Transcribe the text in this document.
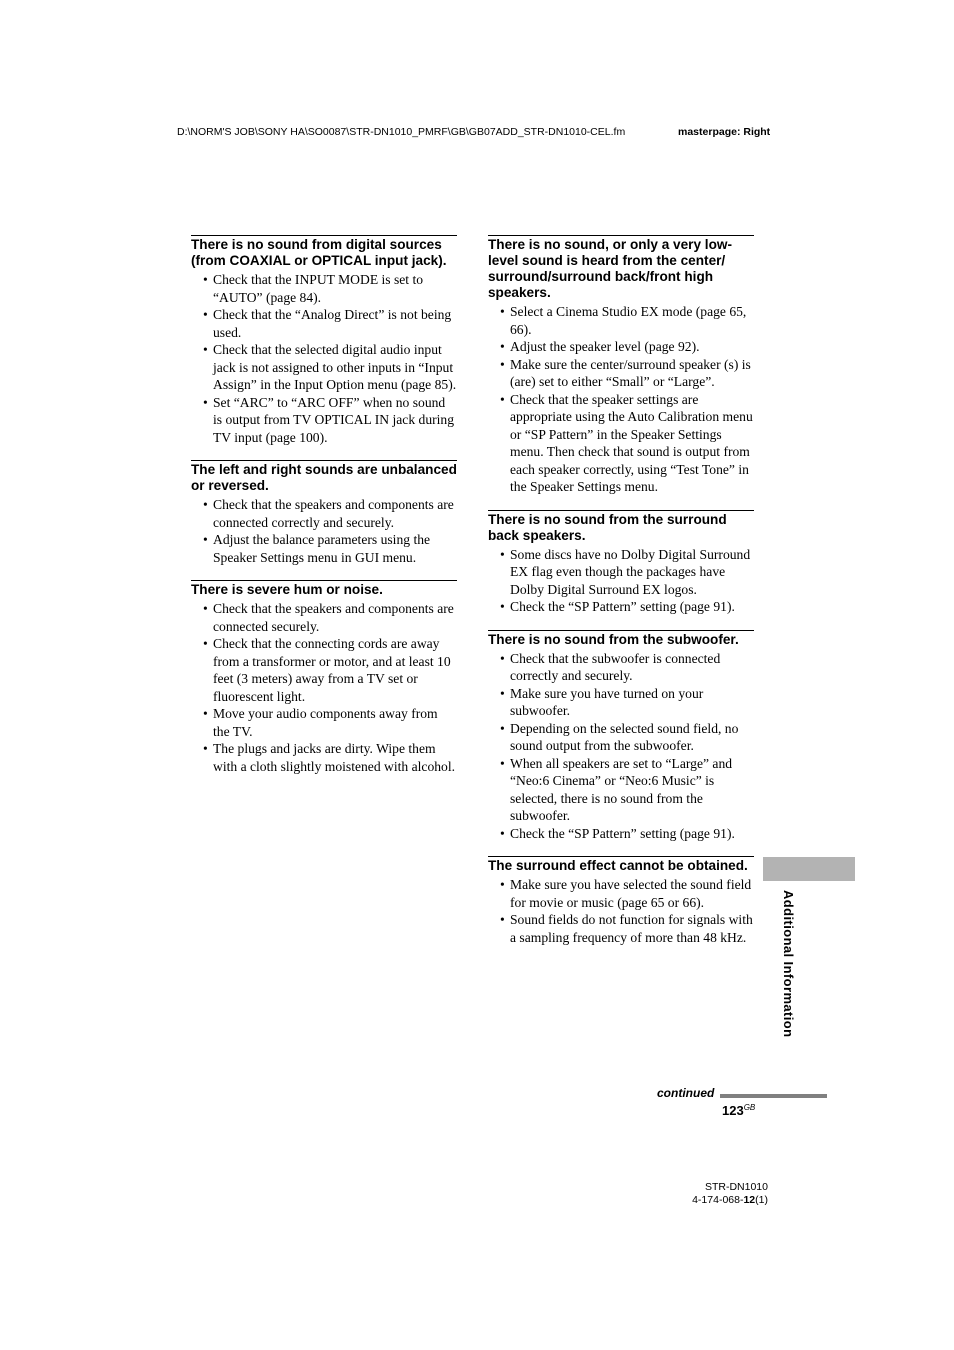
D:\NORM'S JOB\SONY HA\SO0087\STR-DN1010_PMRF\GB\GB07ADD_STR-DN1010-CEL.fm	masterpage: Right
There is no sound from digital sources (from COAXIAL or OPTICAL input jack).
• Check that the INPUT MODE is set to “AUTO” (page 84).
• Check that the “Analog Direct” is not being used.
• Check that the selected digital audio input jack is not assigned to other inputs in “Input Assign” in the Input Option menu (page 85).
• Set “ARC” to “ARC OFF” when no sound is output from TV OPTICAL IN jack during TV input (page 100).
The left and right sounds are unbalanced or reversed.
• Check that the speakers and components are connected correctly and securely.
• Adjust the balance parameters using the Speaker Settings menu in GUI menu.
There is severe hum or noise.
• Check that the speakers and components are connected securely.
• Check that the connecting cords are away from a transformer or motor, and at least 10 feet (3 meters) away from a TV set or fluorescent light.
• Move your audio components away from the TV.
• The plugs and jacks are dirty. Wipe them with a cloth slightly moistened with alcohol.
There is no sound, or only a very low-level sound is heard from the center/ surround/surround back/front high speakers.
• Select a Cinema Studio EX mode (page 65, 66).
• Adjust the speaker level (page 92).
• Make sure the center/surround speaker (s) is (are) set to either “Small” or “Large”.
• Check that the speaker settings are appropriate using the Auto Calibration menu or “SP Pattern” in the Speaker Settings menu. Then check that sound is output from each speaker correctly, using “Test Tone” in the Speaker Settings menu.
There is no sound from the surround back speakers.
• Some discs have no Dolby Digital Surround EX flag even though the packages have Dolby Digital Surround EX logos.
• Check the “SP Pattern” setting (page 91).
There is no sound from the subwoofer.
• Check that the subwoofer is connected correctly and securely.
• Make sure you have turned on your subwoofer.
• Depending on the selected sound field, no sound output from the subwoofer.
• When all speakers are set to “Large” and “Neo:6 Cinema” or “Neo:6 Music” is selected, there is no sound from the subwoofer.
• Check the “SP Pattern” setting (page 91).
The surround effect cannot be obtained.
• Make sure you have selected the sound field for movie or music (page 65 or 66).
• Sound fields do not function for signals with a sampling frequency of more than 48 kHz.	Additional Information
continued
$123^{GB}$
STR-DN1010
4-174-068-12(1)
